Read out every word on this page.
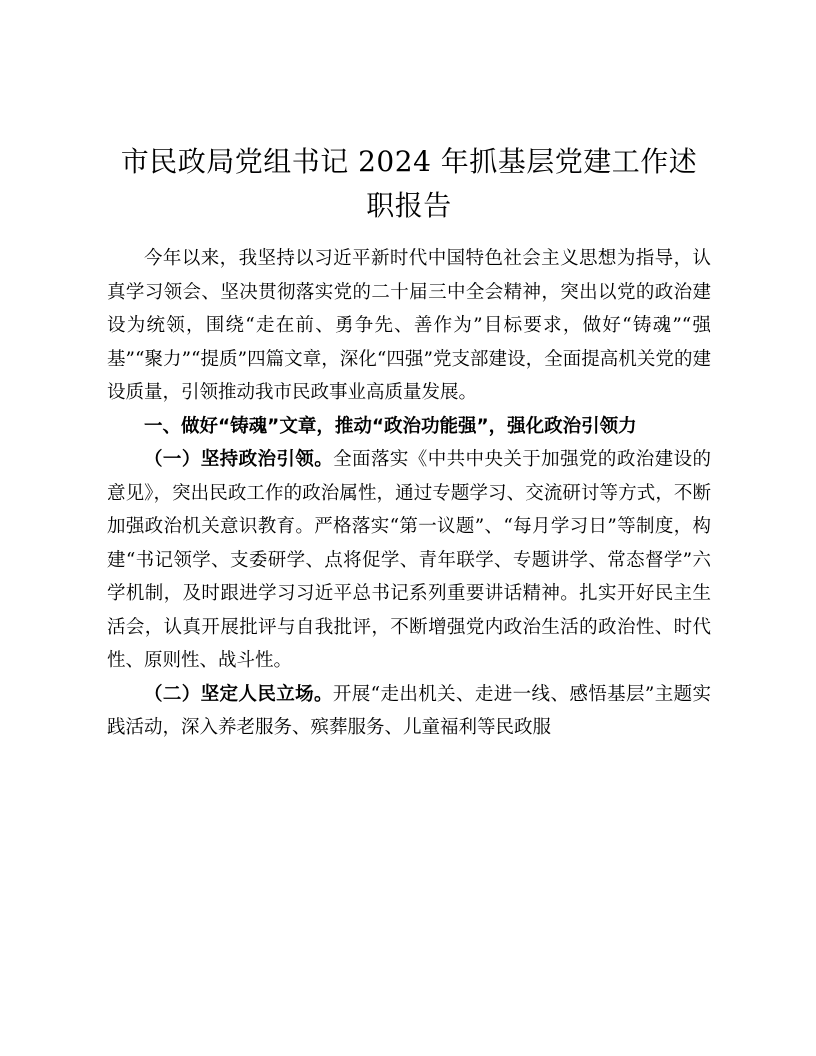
市民政局党组书记 2024 年抓基层党建工作述
职报告

今年以来，我坚持以习近平新时代中国特色社会主义思想为指导，认真学习领会、坚决贯彻落实党的二十届三中全会精神，突出以党的政治建设为统领，围绕“走在前、勇争先、善作为”目标要求，做好“铸魂”“强基”“聚力”“提质”四篇文章，深化“四强”党支部建设，全面提高机关党的建设质量，引领推动我市民政事业高质量发展。

一、做好“铸魂”文章，推动“政治功能强”，强化政治引领力

（一）坚持政治引领。全面落实《中共中央关于加强党的政治建设的意见》，突出民政工作的政治属性，通过专题学习、交流研讨等方式，不断加强政治机关意识教育。严格落实“第一议题”、“每月学习日”等制度，构建“书记领学、支委研学、点将促学、青年联学、专题讲学、常态督学”六学机制，及时跟进学习习近平总书记系列重要讲话精神。扎实开好民主生活会，认真开展批评与自我批评，不断增强党内政治生活的政治性、时代性、原则性、战斗性。

（二）坚定人民立场。开展“走出机关、走进一线、感悟基层”主题实践活动，深入养老服务、殡葬服务、儿童福利等民政服
